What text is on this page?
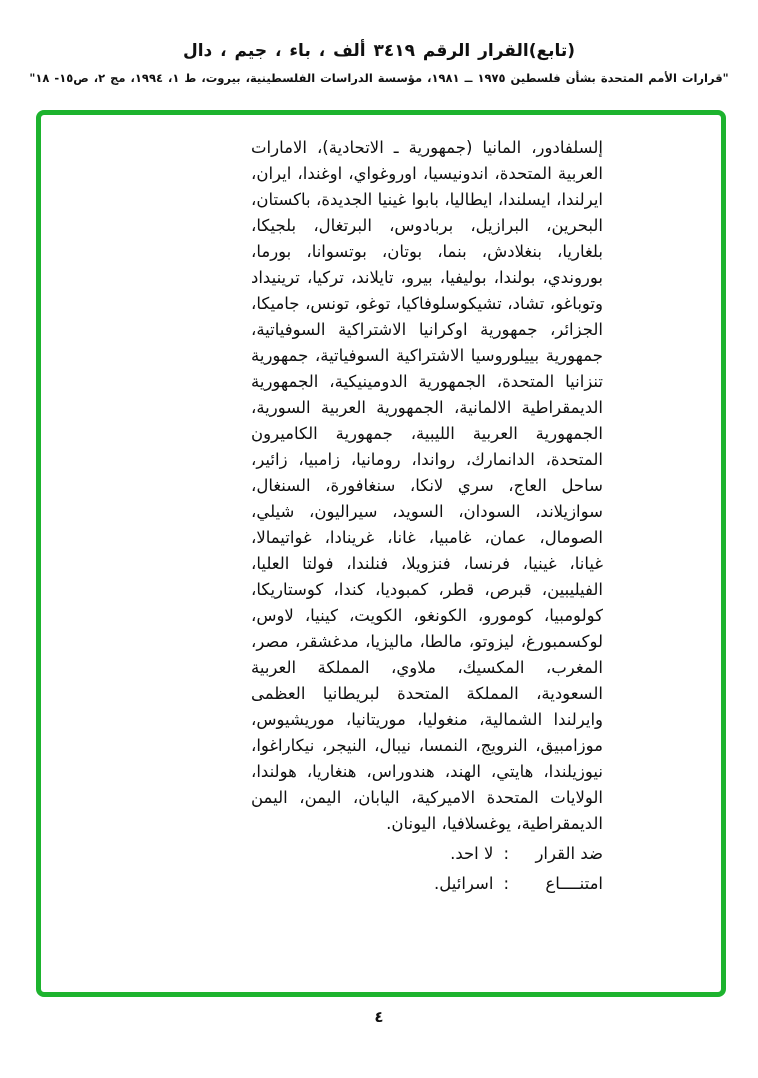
(تابع)القرار الرقم ٣٤١٩ ألف ، باء ، جيم ، دال
"قرارات الأمم المتحدة بشأن فلسطين ١٩٧٥ ــ ١٩٨١، مؤسسة الدراسات الفلسطينية، بيروت، ط ١، ١٩٩٤، مج ٢، ص١٥- ١٨"

إلسلفادور، المانيا (جمهورية ـ الاتحادية)، الامارات العربية المتحدة، اندونيسيا، اوروغواي، اوغندا، ايران، ايرلندا، ايسلندا، ايطاليا، بابوا غينيا الجديدة، باكستان، البحرين، البرازيل، بربادوس، البرتغال، بلجيكا، بلغاريا، بنغلادش، بنما، بوتان، بوتسوانا، بورما، بوروندي، بولندا، بوليفيا، بيرو، تايلاند، تركيا، ترينيداد وتوباغو، تشاد، تشيكوسلوفاكيا، توغو، تونس، جاميكا، الجزائر، جمهورية اوكرانيا الاشتراكية السوفياتية، جمهورية بييلوروسيا الاشتراكية السوفياتية، جمهورية تنزانيا المتحدة، الجمهورية الدومينيكية، الجمهورية الديمقراطية الالمانية، الجمهورية العربية السورية، الجمهورية العربية الليبية، جمهورية الكاميرون المتحدة، الدانمارك، رواندا، رومانيا، زامبيا، زائير، ساحل العاج، سري لانكا، سنغافورة، السنغال، سوازيلاند، السودان، السويد، سيراليون، شيلي، الصومال، عمان، غامبيا، غانا، غرينادا، غواتيمالا، غيانا، غينيا، فرنسا، فنزويلا، فنلندا، فولتا العليا، الفيليبين، قبرص، قطر، كمبوديا، كندا، كوستاريكا، كولومبيا، كومورو، الكونغو، الكويت، كينيا، لاوس، لوكسمبورغ، ليزوتو، مالطا، ماليزيا، مدغشقر، مصر، المغرب، المكسيك، ملاوي، المملكة العربية السعودية، المملكة المتحدة لبريطانيا العظمى وايرلندا الشمالية، منغوليا، موريتانيا، موريشيوس، موزامبيق، النرويج، النمسا، نيبال، النيجر، نيكاراغوا، نيوزيلندا، هايتي، الهند، هندوراس، هنغاريا، هولندا، الولايات المتحدة الاميركية، اليابان، اليمن، اليمن الديمقراطية، يوغسلافيا، اليونان.

ضد القرار
:
لا احد.
امتنــــاع
:
اسرائيل.
٤
